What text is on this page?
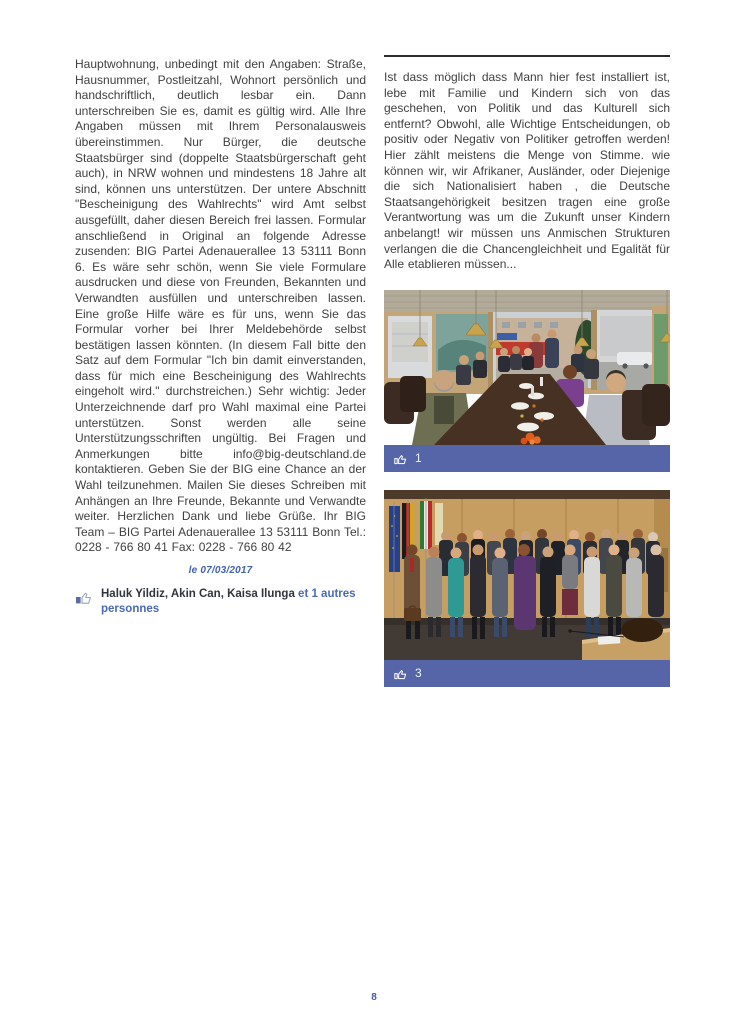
Hauptwohnung, unbedingt mit den Angaben: Straße, Hausnummer, Postleitzahl, Wohnort persönlich und handschriftlich, deutlich lesbar ein. Dann unterschreiben Sie es, damit es gültig wird. Alle Ihre Angaben müssen mit Ihrem Personalausweis übereinstimmen. Nur Bürger, die deutsche Staatsbürger sind (doppelte Staatsbürgerschaft geht auch), in NRW wohnen und mindestens 18 Jahre alt sind, können uns unterstützen. Der untere Abschnitt "Bescheinigung des Wahlrechts" wird Amt selbst ausgefüllt, daher diesen Bereich frei lassen. Formular anschließend in Original an folgende Adresse zusenden: BIG Partei Adenauerallee 13 53111 Bonn 6. Es wäre sehr schön, wenn Sie viele Formulare ausdrucken und diese von Freunden, Bekannten und Verwandten ausfüllen und unterschreiben lassen. Eine große Hilfe wäre es für uns, wenn Sie das Formular vorher bei Ihrer Meldebehörde selbst bestätigen lassen könnten. (In diesem Fall bitte den Satz auf dem Formular "Ich bin damit einverstanden, dass für mich eine Bescheinigung des Wahlrechts eingeholt wird." durchstreichen.) Sehr wichtig: Jeder Unterzeichnende darf pro Wahl maximal eine Partei unterstützen. Sonst werden alle seine Unterstützungsschriften ungültig. Bei Fragen und Anmerkungen bitte info@big-deutschland.de kontaktieren. Geben Sie der BIG eine Chance an der Wahl teilzunehmen. Mailen Sie dieses Schreiben mit Anhängen an Ihre Freunde, Bekannte und Verwandte weiter. Herzlichen Dank und liebe Grüße. Ihr BIG Team – BIG Partei Adenauerallee 13 53111 Bonn Tel.: 0228 - 766 80 41 Fax: 0228 - 766 80 42

le 07/03/2017
Haluk Yildiz, Akin Can, Kaisa Ilunga et 1 autres personnes

Ist dass möglich dass Mann hier fest installiert ist, lebe mit Familie und Kindern sich von das geschehen, von Politik und das Kulturell sich entfernt? Obwohl, alle Wichtige Entscheidungen, ob positiv oder Negativ von Politiker getroffen werden! Hier zählt meistens die Menge von Stimme. wie können wir, wir Afrikaner, Ausländer, oder Diejenige die sich Nationalisiert haben , die Deutsche Staatsangehörigkeit besitzen tragen eine große Verantwortung was um die Zukunft unser Kindern anbelangt! wir müssen uns Anmischen Strukturen verlangen die die Chancengleichheit und Egalität für Alle etablieren müssen...

1
3
8
